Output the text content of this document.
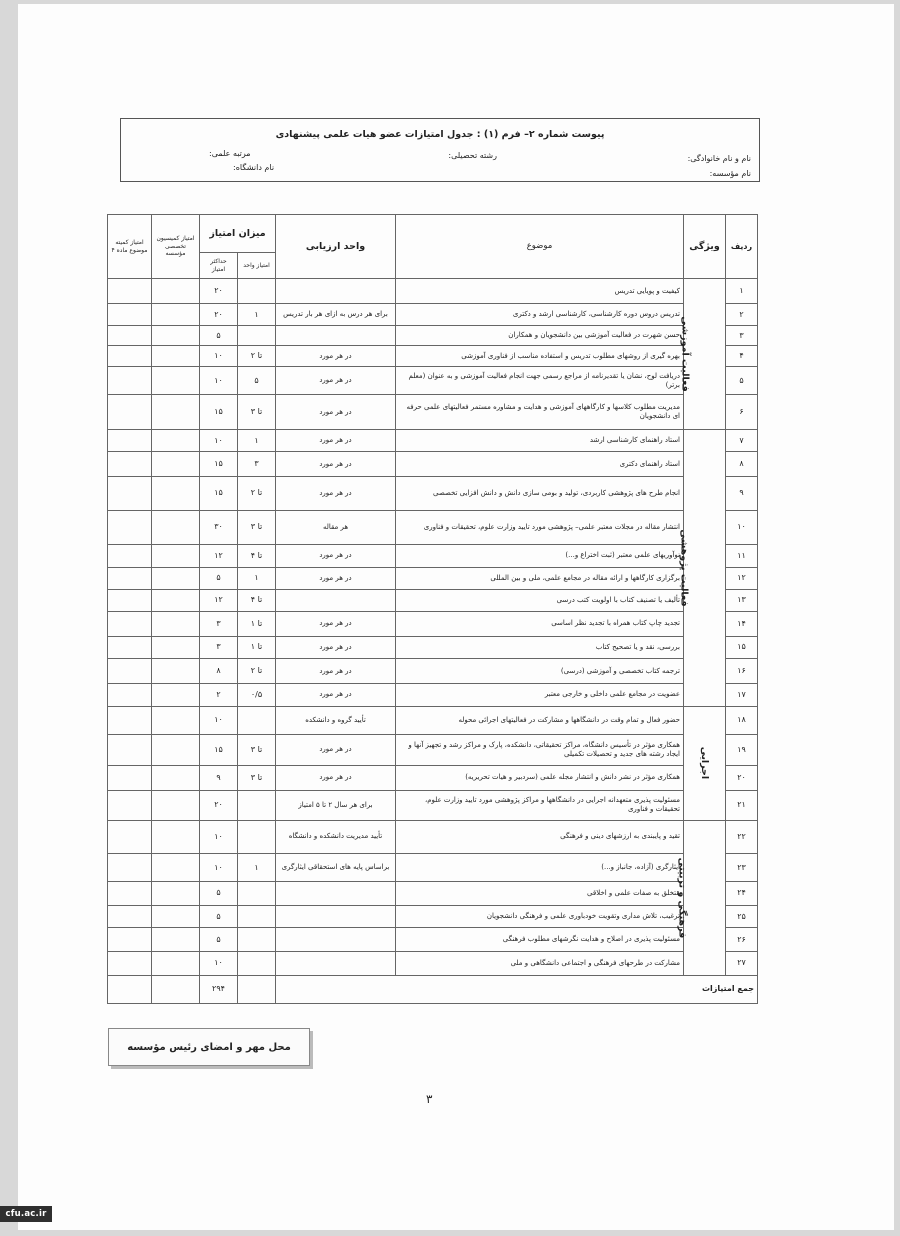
پیوست شماره ۲– فرم (۱) : جدول امتیازات عضو هیات علمی پیشنهادی
نام و نام خانوادگی:
رشته تحصیلی:
مرتبه علمی:
نام مؤسسه:
نام دانشگاه:
ردیف	ویژگی	موضوع	واحد ارزیابی	میزان امتیاز		امتیاز کمیسیون تخصصی مؤسسه	امتیاز کمیته موضوع ماده ۴
				امتیاز واحد	حداکثر امتیاز		
۱	فعالیت آموزشی	کیفیت و پویایی تدریس			۲۰		
۲		تدریس دروس دوره کارشناسی، کارشناسی ارشد و دکتری	برای هر درس به ازای هر بار تدریس	۱	۲۰		
۳		حسن شهرت در فعالیت آموزشی بین دانشجویان و همکاران			۵		
۴		بهره گیری از روشهای مطلوب تدریس و استفاده مناسب از فناوری آموزشی	در هر مورد	تا ۲	۱۰		
۵		دریافت لوح، نشان یا تقدیرنامه از مراجع رسمی جهت انجام فعالیت آموزشی و به عنوان (معلم برتر)	در هر مورد	۵	۱۰		
۶		مدیریت مطلوب کلاسها و کارگاههای آموزشی و هدایت و مشاوره مستمر فعالیتهای علمی حرفه ای دانشجویان	در هر مورد	تا ۳	۱۵		
۷	فعالیت پژوهشی	استاد راهنمای کارشناسی ارشد	در هر مورد	۱	۱۰		
۸		استاد راهنمای دکتری	در هر مورد	۳	۱۵		
۹		انجام طرح های پژوهشی کاربردی، تولید و بومی سازی دانش و دانش افزایی تخصصی	در هر مورد	تا ۲	۱۵		
۱۰		انتشار مقاله در مجلات معتبر علمی– پژوهشی مورد تایید وزارت علوم، تحقیقات و فناوری	هر مقاله	تا ۳	۳۰		
۱۱		نوآوریهای علمی معتبر (ثبت اختراع و...)	در هر مورد	تا ۴	۱۲		
۱۲		برگزاری کارگاهها و ارائه مقاله در مجامع علمی، ملی و بین المللی	در هر مورد	۱	۵		
۱۳		تألیف یا تصنیف کتاب با اولویت کتب درسی		تا ۴	۱۲		
۱۴		تجدید چاپ کتاب همراه با تجدید نظر اساسی	در هر مورد	تا ۱	۳		
۱۵		بررسی، نقد و یا تصحیح کتاب	در هر مورد	تا ۱	۳		
۱۶		ترجمه کتاب تخصصی و آموزشی (درسی)	در هر مورد	تا ۲	۸		
۱۷		عضویت در مجامع علمی داخلی و خارجی معتبر	در هر مورد	۰/۵	۲		
۱۸	اجرایی	حضور فعال و تمام وقت در دانشگاهها و مشارکت در فعالیتهای اجرائی محوله	تأیید گروه و دانشکده		۱۰		
۱۹		همکاری مؤثر در تأسیس دانشگاه، مراکز تحقیقاتی، دانشکده، پارک و مراکز رشد و تجهیز آنها و ایجاد رشته های جدید و تحصیلات تکمیلی	در هر مورد	تا ۳	۱۵		
۲۰		همکاری مؤثر در نشر دانش و انتشار مجله علمی (سردبیر و هیات تحریریه)	در هر مورد	تا ۳	۹		
۲۱		مسئولیت پذیری متعهدانه اجرایی در دانشگاهها و مراکز پژوهشی مورد تایید وزارت علوم، تحقیقات و فناوری	برای هر سال ۲ تا ۵ امتیاز		۲۰		
۲۲	فرهنگی و تربیتی	تقید و پایبندی به ارزشهای دینی و فرهنگی	تأیید مدیریت دانشکده و دانشگاه		۱۰		
۲۳		ایثارگری (آزاده، جانباز و...)	براساس پایه های استحقاقی ایثارگری	۱	۱۰		
۲۴		متخلق به صفات علمی و اخلاقی			۵		
۲۵		ترغیب، تلاش مداری وتقویت خودباوری علمی و فرهنگی دانشجویان			۵		
۲۶		مسئولیت پذیری در اصلاح و هدایت نگرشهای مطلوب فرهنگی			۵		
۲۷		مشارکت در طرحهای فرهنگی و اجتماعی دانشگاهی و ملی			۱۰		
جمع امتیازات					۲۹۴		
محل مهر و امضای رئیس مؤسسه
۳
cfu.ac.ir
